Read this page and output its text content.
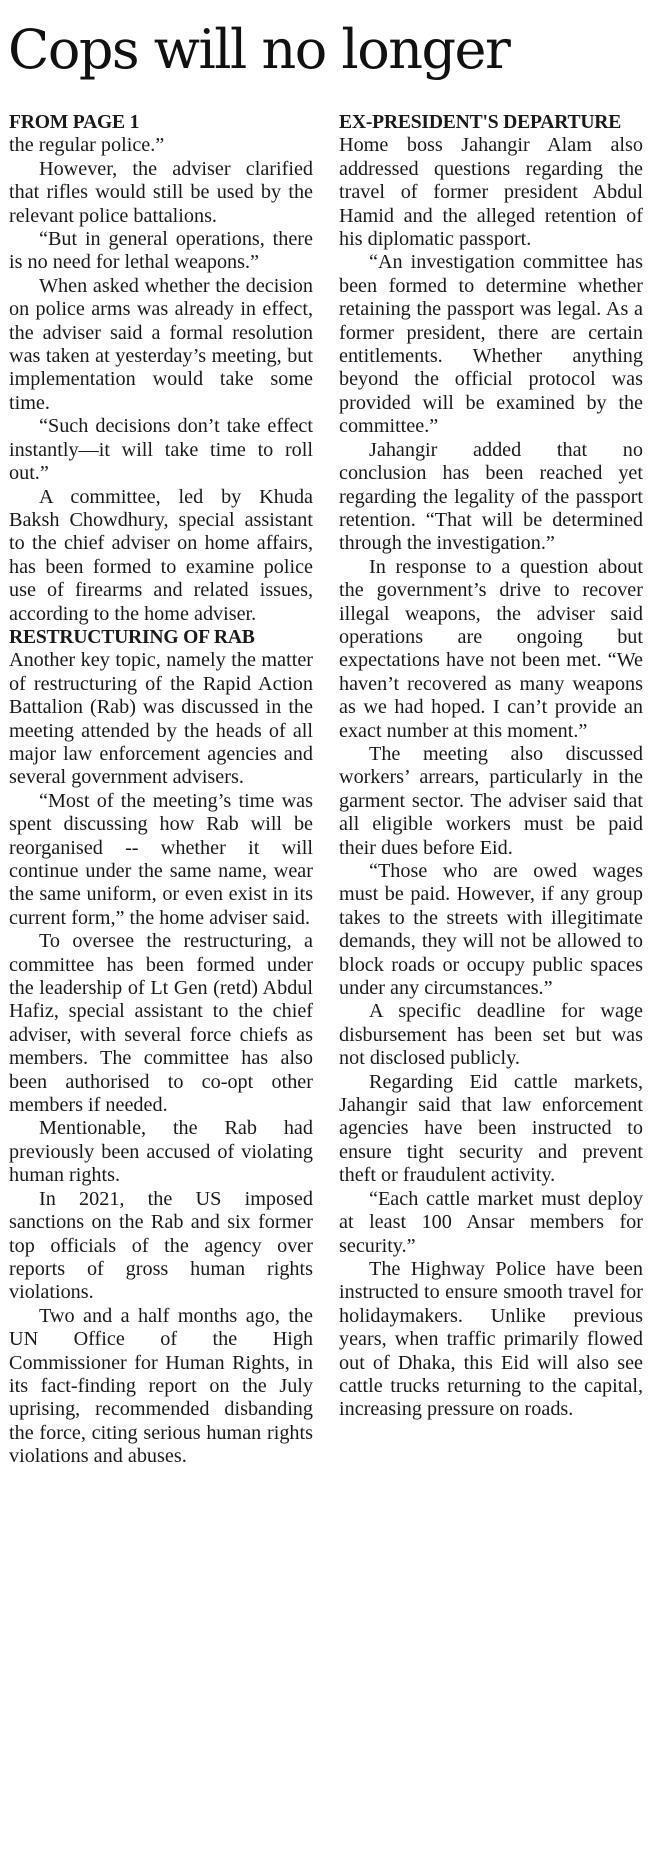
Cops will no longer
FROM PAGE 1

the regular police.”

However, the adviser clarified that rifles would still be used by the relevant police battalions.

“But in general operations, there is no need for lethal weapons.”

When asked whether the decision on police arms was already in effect, the adviser said a formal resolution was taken at yesterday’s meeting, but implementation would take some time.

“Such decisions don’t take effect instantly—it will take time to roll out.”

A committee, led by Khuda Baksh Chowdhury, special assistant to the chief adviser on home affairs, has been formed to examine police use of firearms and related issues, according to the home adviser.

RESTRUCTURING OF RAB

Another key topic, namely the matter of restructuring of the Rapid Action Battalion (Rab) was discussed in the meeting attended by the heads of all major law enforcement agencies and several government advisers.

“Most of the meeting’s time was spent discussing how Rab will be reorganised -- whether it will continue under the same name, wear the same uniform, or even exist in its current form,” the home adviser said.

To oversee the restructuring, a committee has been formed under the leadership of Lt Gen (retd) Abdul Hafiz, special assistant to the chief adviser, with several force chiefs as members. The committee has also been authorised to co-opt other members if needed.

Mentionable, the Rab had previously been accused of violating human rights.

In 2021, the US imposed sanctions on the Rab and six former top officials of the agency over reports of gross human rights violations.

Two and a half months ago, the UN Office of the High Commissioner for Human Rights, in its fact-finding report on the July uprising, recommended disbanding the force, citing serious human rights violations and abuses.

EX-PRESIDENT'S DEPARTURE

Home boss Jahangir Alam also addressed questions regarding the travel of former president Abdul Hamid and the alleged retention of his diplomatic passport.

“An investigation committee has been formed to determine whether retaining the passport was legal. As a former president, there are certain entitlements. Whether anything beyond the official protocol was provided will be examined by the committee.”

Jahangir added that no conclusion has been reached yet regarding the legality of the passport retention. “That will be determined through the investigation.”

In response to a question about the government’s drive to recover illegal weapons, the adviser said operations are ongoing but expectations have not been met. “We haven’t recovered as many weapons as we had hoped. I can’t provide an exact number at this moment.”

The meeting also discussed workers’ arrears, particularly in the garment sector. The adviser said that all eligible workers must be paid their dues before Eid.

“Those who are owed wages must be paid. However, if any group takes to the streets with illegitimate demands, they will not be allowed to block roads or occupy public spaces under any circumstances.”

A specific deadline for wage disbursement has been set but was not disclosed publicly.

Regarding Eid cattle markets, Jahangir said that law enforcement agencies have been instructed to ensure tight security and prevent theft or fraudulent activity.

“Each cattle market must deploy at least 100 Ansar members for security.”

The Highway Police have been instructed to ensure smooth travel for holidaymakers. Unlike previous years, when traffic primarily flowed out of Dhaka, this Eid will also see cattle trucks returning to the capital, increasing pressure on roads.
